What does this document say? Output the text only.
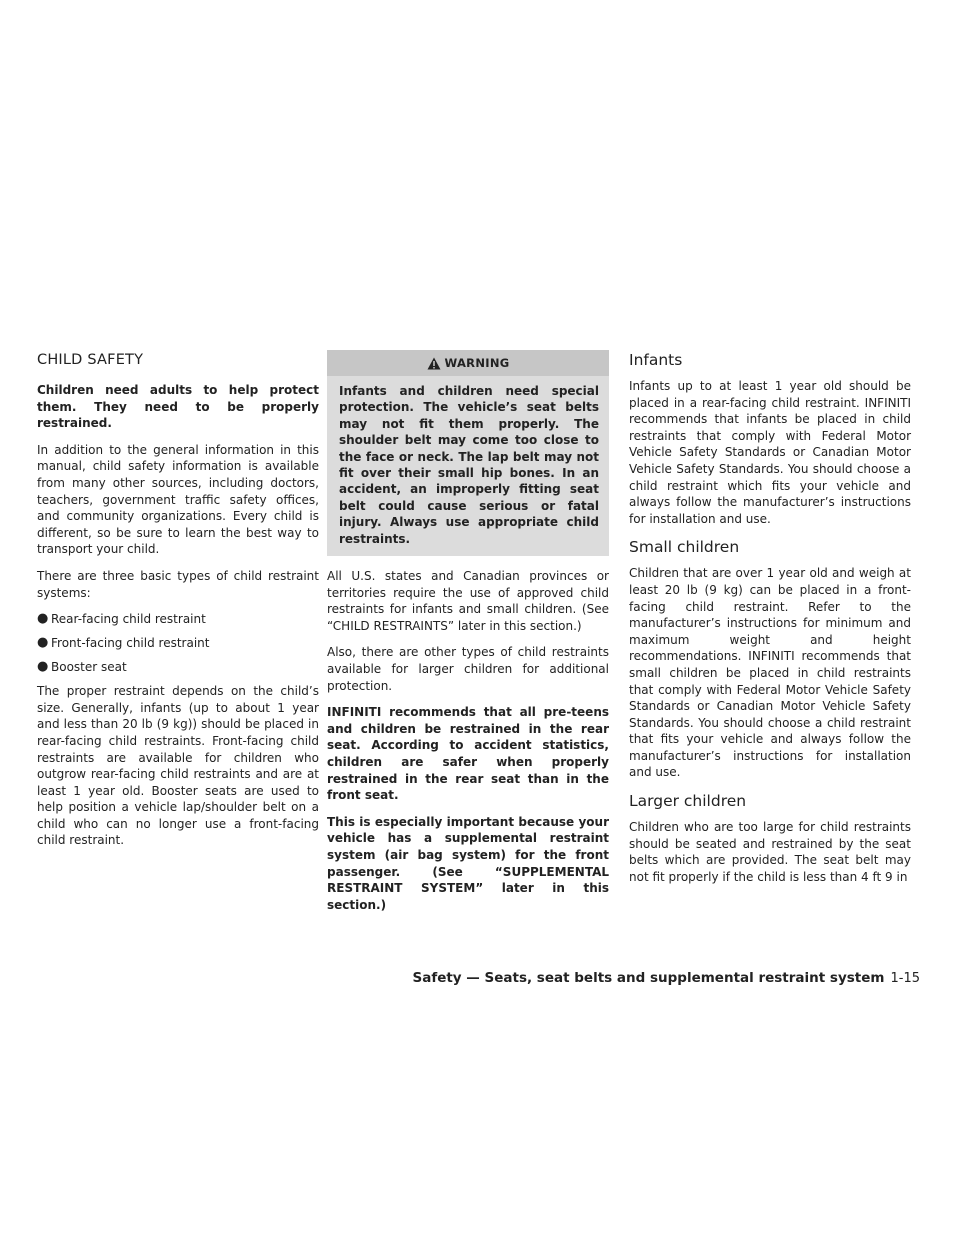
CHILD SAFETY

Children need adults to help protect them. They need to be properly restrained.

In addition to the general information in this manual, child safety information is available from many other sources, including doctors, teachers, government traffic safety offices, and community organizations. Every child is different, so be sure to learn the best way to transport your child.

There are three basic types of child restraint systems:

● Rear-facing child restraint
● Front-facing child restraint
● Booster seat

The proper restraint depends on the child’s size. Generally, infants (up to about 1 year and less than 20 lb (9 kg)) should be placed in rear-facing child restraints. Front-facing child restraints are available for children who outgrow rear-facing child restraints and are at least 1 year old. Booster seats are used to help position a vehicle lap/shoulder belt on a child who can no longer use a front-facing child restraint.

WARNING

Infants and children need special protection. The vehicle’s seat belts may not fit them properly. The shoulder belt may come too close to the face or neck. The lap belt may not fit over their small hip bones. In an accident, an improperly fitting seat belt could cause serious or fatal injury. Always use appropriate child restraints.

All U.S. states and Canadian provinces or territories require the use of approved child restraints for infants and small children. (See “CHILD RESTRAINTS” later in this section.)

Also, there are other types of child restraints available for larger children for additional protection.

INFINITI recommends that all pre-teens and children be restrained in the rear seat. According to accident statistics, children are safer when properly restrained in the rear seat than in the front seat.

This is especially important because your vehicle has a supplemental restraint system (air bag system) for the front passenger. (See “SUPPLEMENTAL RESTRAINT SYSTEM” later in this section.)

Infants

Infants up to at least 1 year old should be placed in a rear-facing child restraint. INFINITI recommends that infants be placed in child restraints that comply with Federal Motor Vehicle Safety Standards or Canadian Motor Vehicle Safety Standards. You should choose a child restraint which fits your vehicle and always follow the manufacturer’s instructions for installation and use.

Small children

Children that are over 1 year old and weigh at least 20 lb (9 kg) can be placed in a front-facing child restraint. Refer to the manufacturer’s instructions for minimum and maximum weight and height recommendations. INFINITI recommends that small children be placed in child restraints that comply with Federal Motor Vehicle Safety Standards or Canadian Motor Vehicle Safety Standards. You should choose a child restraint that fits your vehicle and always follow the manufacturer’s instructions for installation and use.

Larger children

Children who are too large for child restraints should be seated and restrained by the seat belts which are provided. The seat belt may not fit properly if the child is less than 4 ft 9 in

Safety — Seats, seat belts and supplemental restraint system 1-15
